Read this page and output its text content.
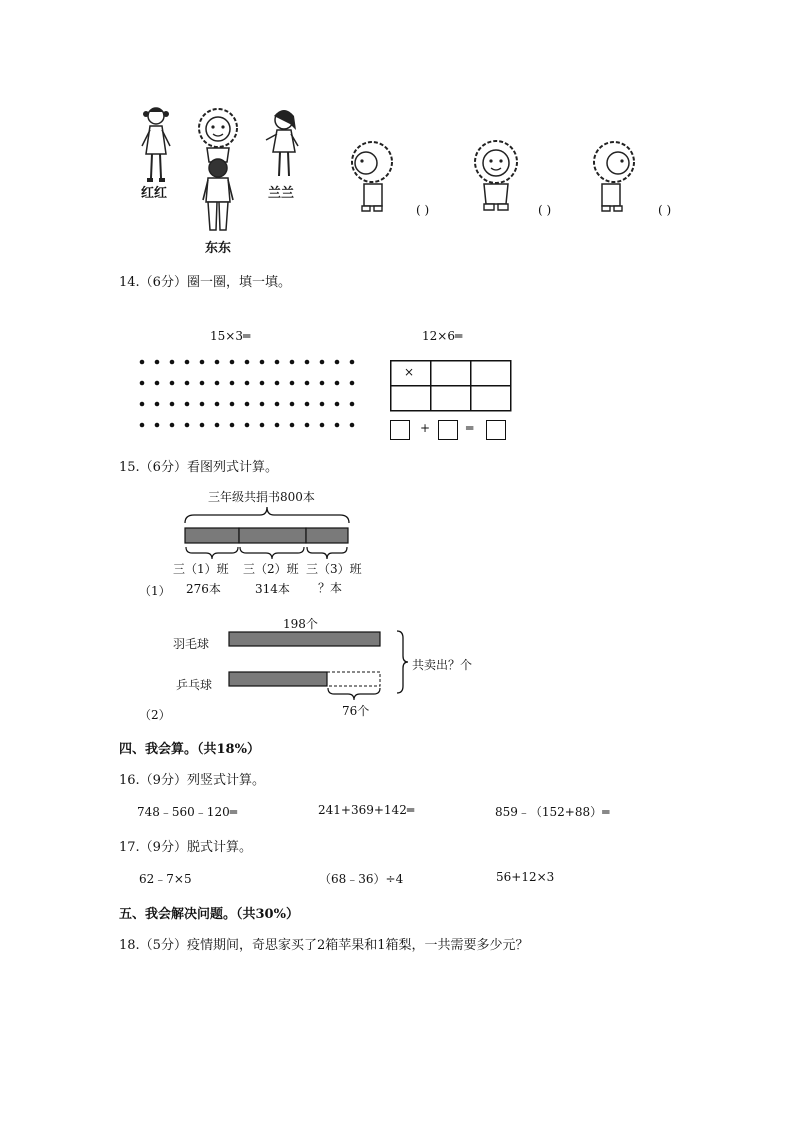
红红
东东
兰兰
( )	( )	( )
14.（6分）圈一圈，填一填。
15×3═	12×6═
×
+	═
15.（6分）看图列式计算。
三年级共捐书800本
三（1）班 三（2）班 三（3）班
276本	314本 ？本
（1）
198个
羽毛球
乒乓球
76个
共卖出？个
（2）
四、我会算。（共18%）
16.（9分）列竖式计算。
748﹣560﹣120═	241+369+142═	859﹣（152+88）═
17.（9分）脱式计算。
62﹣7×5	（68﹣36）÷4	56+12×3
五、我会解决问题。（共30%）
18.（5分）疫情期间，奇思家买了2箱苹果和1箱梨，一共需要多少元？
